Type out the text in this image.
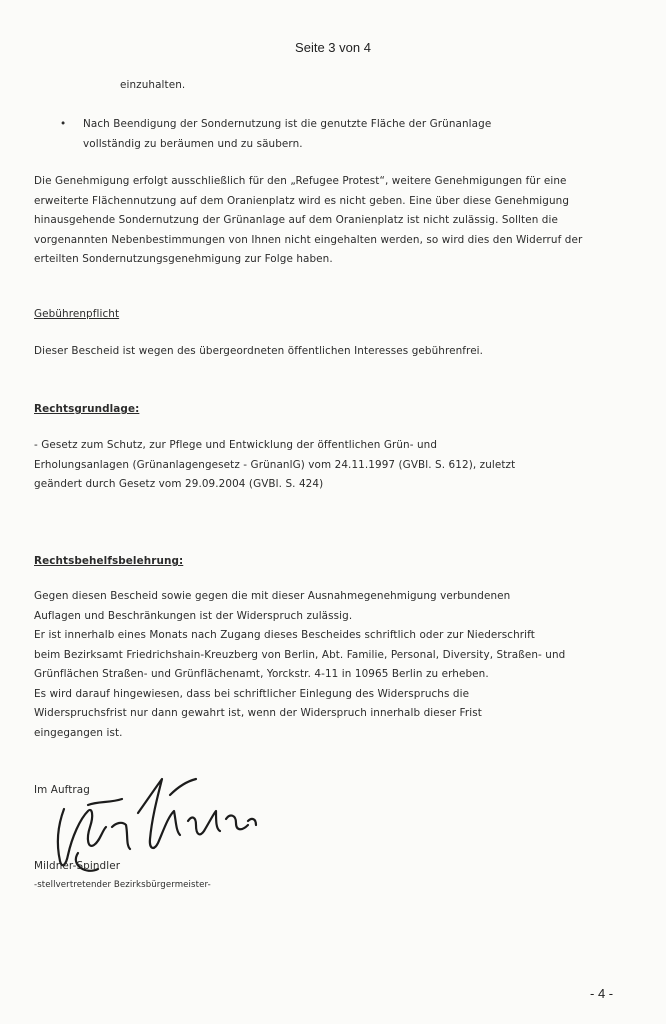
Seite 3 von 4
einzuhalten.
• Nach Beendigung der Sondernutzung ist die genutzte Fläche der Grünanlage
vollständig zu beräumen und zu säubern.
Die Genehmigung erfolgt ausschließlich für den „Refugee Protest“, weitere Genehmigungen für eine
erweiterte Flächennutzung auf dem Oranienplatz wird es nicht geben. Eine über diese Genehmigung
hinausgehende Sondernutzung der Grünanlage auf dem Oranienplatz ist nicht zulässig. Sollten die
vorgenannten Nebenbestimmungen von Ihnen nicht eingehalten werden, so wird dies den Widerruf der
erteilten Sondernutzungsgenehmigung zur Folge haben.
Gebührenpflicht
Dieser Bescheid ist wegen des übergeordneten öffentlichen Interesses gebührenfrei.
Rechtsgrundlage:
- Gesetz zum Schutz, zur Pflege und Entwicklung der öffentlichen Grün- und
Erholungsanlagen (Grünanlagengesetz - GrünanlG) vom 24.11.1997 (GVBl. S. 612), zuletzt
geändert durch Gesetz vom 29.09.2004 (GVBl. S. 424)
Rechtsbehelfsbelehrung:
Gegen diesen Bescheid sowie gegen die mit dieser Ausnahmegenehmigung verbundenen
Auflagen und Beschränkungen ist der Widerspruch zulässig.
Er ist innerhalb eines Monats nach Zugang dieses Bescheides schriftlich oder zur Niederschrift
beim Bezirksamt Friedrichshain-Kreuzberg von Berlin, Abt. Familie, Personal, Diversity, Straßen- und
Grünflächen Straßen- und Grünflächenamt, Yorckstr. 4-11 in 10965 Berlin zu erheben.
Es wird darauf hingewiesen, dass bei schriftlicher Einlegung des Widerspruchs die
Widerspruchsfrist nur dann gewahrt ist, wenn der Widerspruch innerhalb dieser Frist
eingegangen ist.
Im Auftrag
Mildner-Spindler
-stellvertretender Bezirksbürgermeister-
- 4 -
